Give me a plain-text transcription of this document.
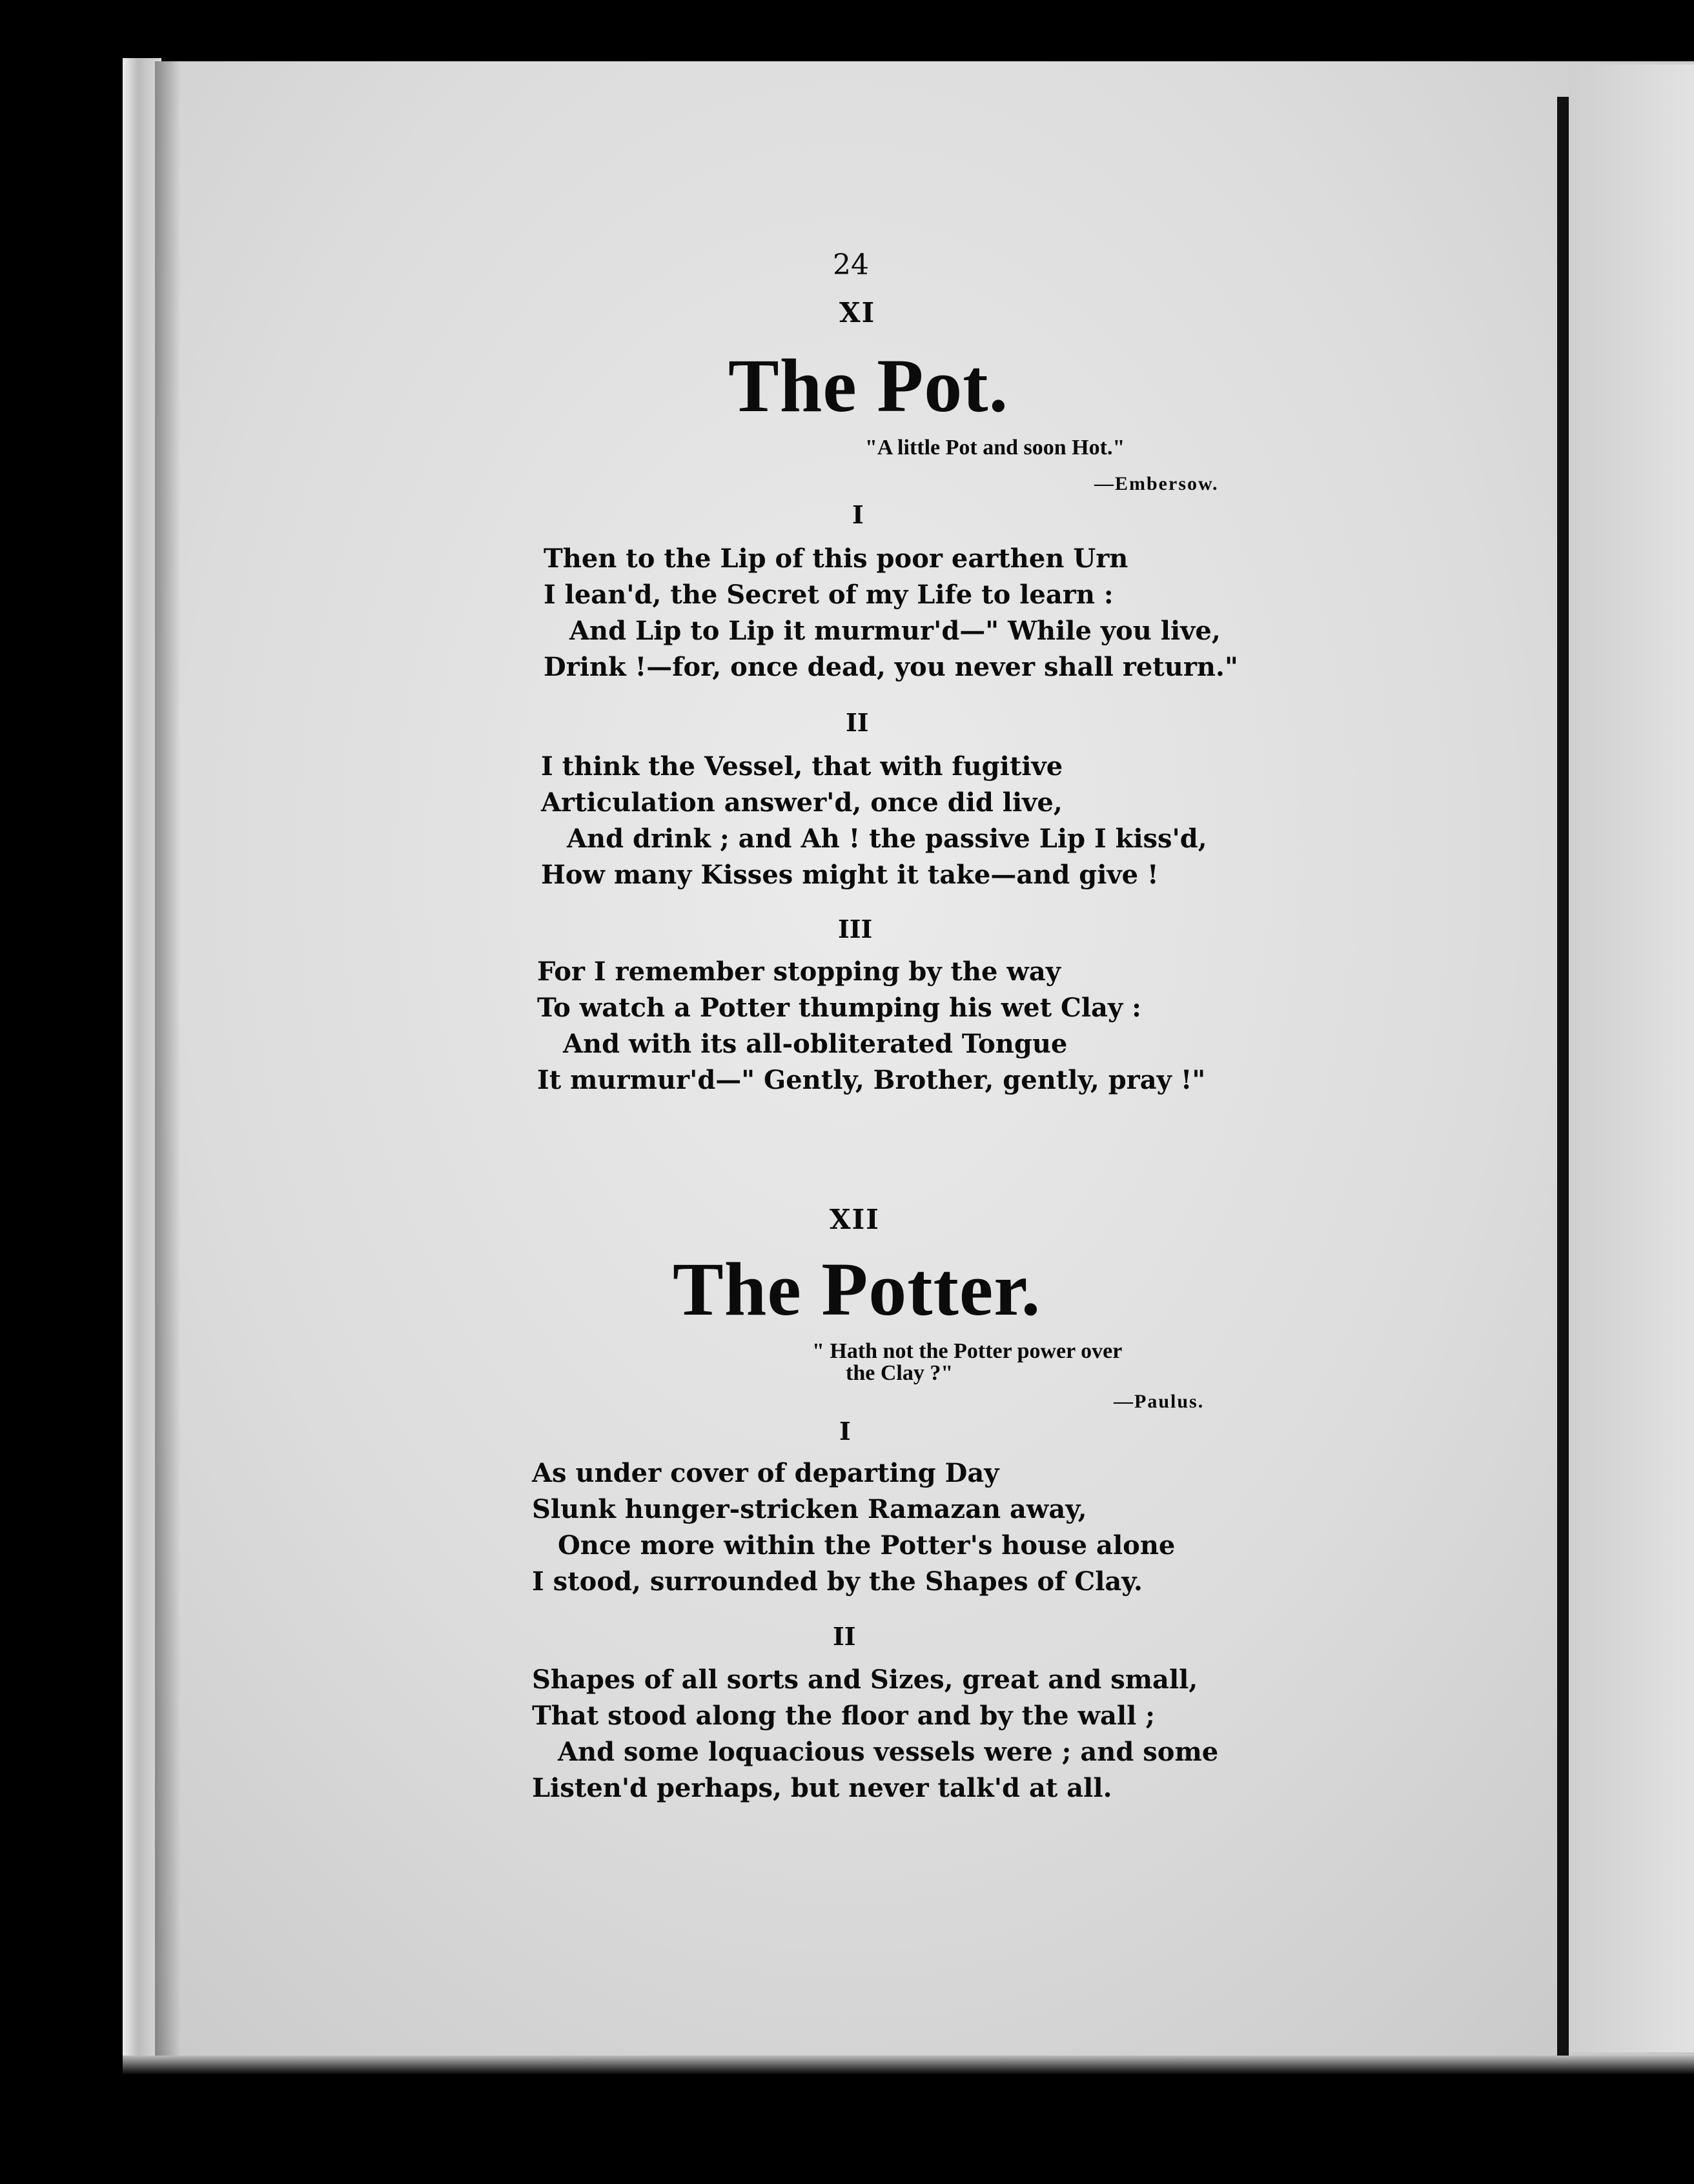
24
XI
The Pot.
"A little Pot and soon Hot."
—Embersow.
I
Then to the Lip of this poor earthen Urn
I lean'd, the Secret of my Life to learn :
And Lip to Lip it murmur'd—" While you live,
Drink !—for, once dead, you never shall return."
II
I think the Vessel, that with fugitive
Articulation answer'd, once did live,
And drink ; and Ah ! the passive Lip I kiss'd,
How many Kisses might it take—and give !
III
For I remember stopping by the way
To watch a Potter thumping his wet Clay :
And with its all-obliterated Tongue
It murmur'd—" Gently, Brother, gently, pray !"
XII
The Potter.
" Hath not the Potter power over
the Clay ?"
—Paulus.
I
As under cover of departing Day
Slunk hunger-stricken Ramazan away,
Once more within the Potter's house alone
I stood, surrounded by the Shapes of Clay.
II
Shapes of all sorts and Sizes, great and small,
That stood along the floor and by the wall ;
And some loquacious vessels were ; and some
Listen'd perhaps, but never talk'd at all.
